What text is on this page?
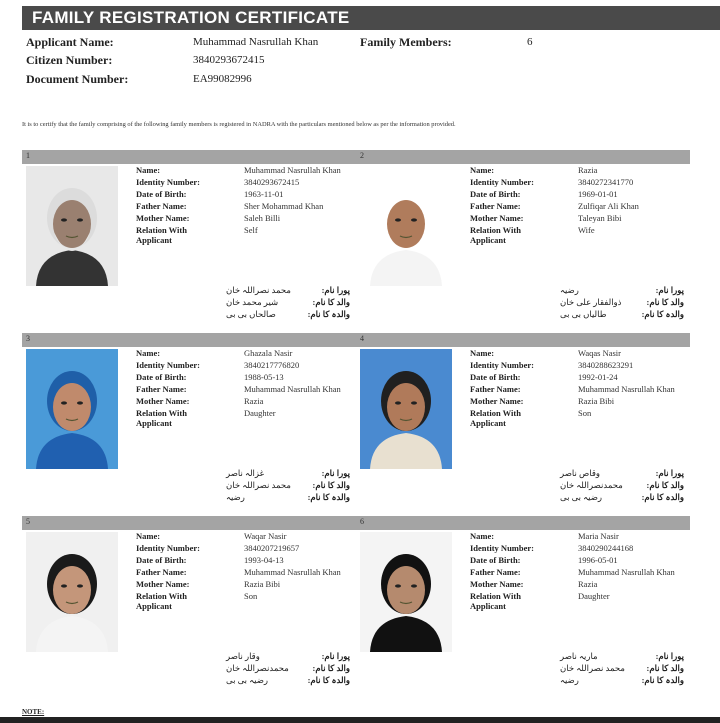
FAMILY REGISTRATION CERTIFICATE
Applicant Name:	Muhammad Nasrullah Khan	Family Members:	6
Citizen Number:	3840293672415
Document Number:	EA99082996
It is to certify that the family comprising of the following family members is registered in NADRA with the particulars mentioned below as per the information provided.
1
Name:	Muhammad Nasrullah Khan
Identity Number:	3840293672415
Date of Birth:	1963-11-01
Father Name:	Sher Mohammad Khan
Mother Name:	Saleh Billi
Relation With Applicant
Self
پورا نام:
محمد نصراللہ خان
والد کا نام:
شیر محمد خان
والدہ کا نام:
صالحاں بی بی
2
Name:	Razia
Identity Number:	3840272341770
Date of Birth:	1969-01-01
Father Name:	Zulfiqar Ali Khan
Mother Name:	Taleyan Bibi
Relation With Applicant
Wife
پورا نام:
رضیہ
والد کا نام:
ذوالفقار علی خان
والدہ کا نام:
طالیاں بی بی
3
Name:	Ghazala Nasir
Identity Number:	3840217776820
Date of Birth:	1988-05-13
Father Name:	Muhammad Nasrullah Khan
Mother Name:	Razia
Relation With Applicant
Daughter
پورا نام:
غزالہ ناصر
والد کا نام:
محمد نصراللہ خان
والدہ کا نام:
رضیہ
4
Name:	Waqas Nasir
Identity Number:	3840288623291
Date of Birth:	1992-01-24
Father Name:	Muhammad Nasrullah Khan
Mother Name:	Razia Bibi
Relation With Applicant
Son
پورا نام:
وقاص ناصر
والد کا نام:
محمدنصراللہ خان
والدہ کا نام:
رضیہ بی بی
5
Name:	Waqar Nasir
Identity Number:	3840207219657
Date of Birth:	1993-04-13
Father Name:	Muhammad Nasrullah Khan
Mother Name:	Razia Bibi
Relation With Applicant
Son
پورا نام:
وقار ناصر
والد کا نام:
محمدنصراللہ خان
والدہ کا نام:
رضیہ بی بی
6
Name:	Maria Nasir
Identity Number:	3840290244168
Date of Birth:	1996-05-01
Father Name:	Muhammad Nasrullah Khan
Mother Name:	Razia
Relation With Applicant
Daughter
پورا نام:
ماریہ ناصر
والد کا نام:
محمد نصراللہ خان
والدہ کا نام:
رضیہ
NOTE:
